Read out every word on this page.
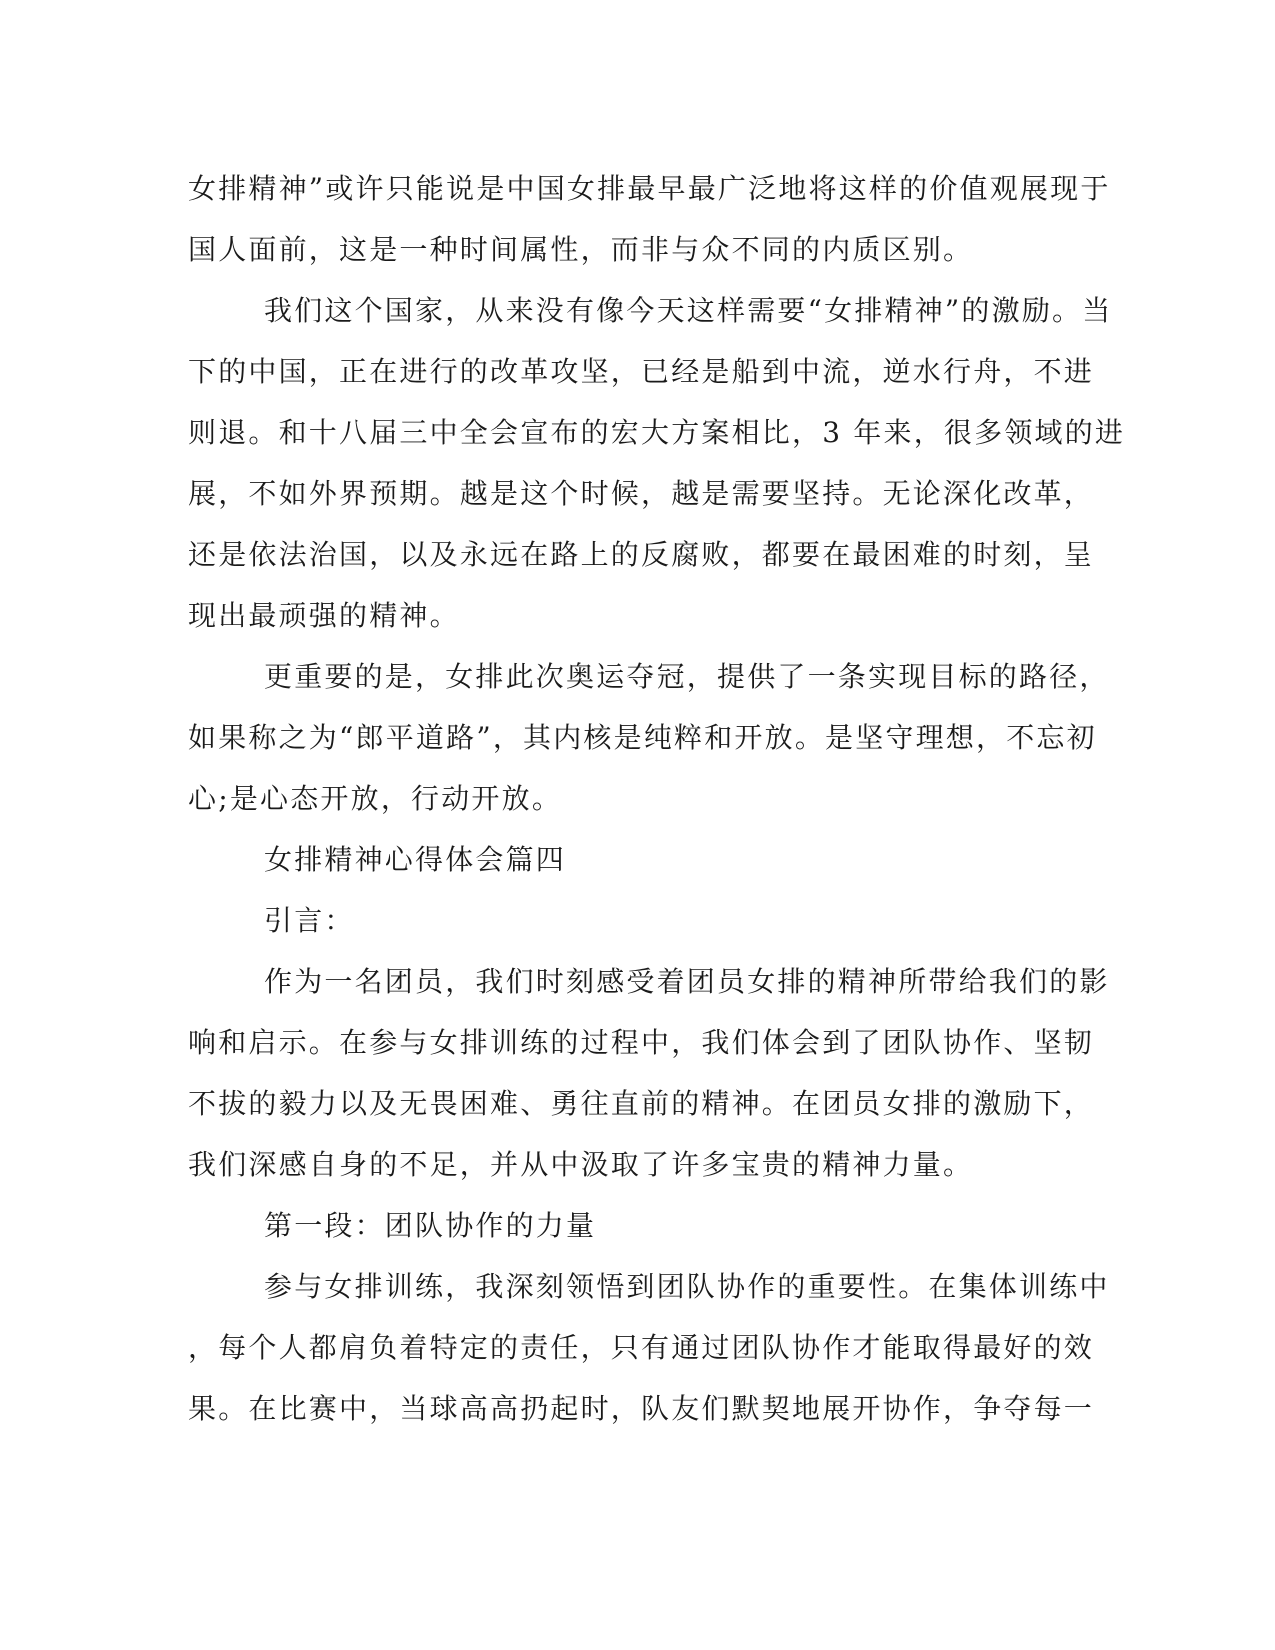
女排精神”或许只能说是中国女排最早最广泛地将这样的价值观展现于
国人面前，这是一种时间属性，而非与众不同的内质区别。
我们这个国家，从来没有像今天这样需要“女排精神”的激励。当
下的中国，正在进行的改革攻坚，已经是船到中流，逆水行舟，不进
则退。和十八届三中全会宣布的宏大方案相比，3 年来，很多领域的进
展，不如外界预期。越是这个时候，越是需要坚持。无论深化改革，
还是依法治国，以及永远在路上的反腐败，都要在最困难的时刻，呈
现出最顽强的精神。
更重要的是，女排此次奥运夺冠，提供了一条实现目标的路径，
如果称之为“郎平道路”，其内核是纯粹和开放。是坚守理想，不忘初
心;是心态开放，行动开放。
女排精神心得体会篇四
引言：
作为一名团员，我们时刻感受着团员女排的精神所带给我们的影
响和启示。在参与女排训练的过程中，我们体会到了团队协作、坚韧
不拔的毅力以及无畏困难、勇往直前的精神。在团员女排的激励下，
我们深感自身的不足，并从中汲取了许多宝贵的精神力量。
第一段：团队协作的力量
参与女排训练，我深刻领悟到团队协作的重要性。在集体训练中
，每个人都肩负着特定的责任，只有通过团队协作才能取得最好的效
果。在比赛中，当球高高扔起时，队友们默契地展开协作，争夺每一
